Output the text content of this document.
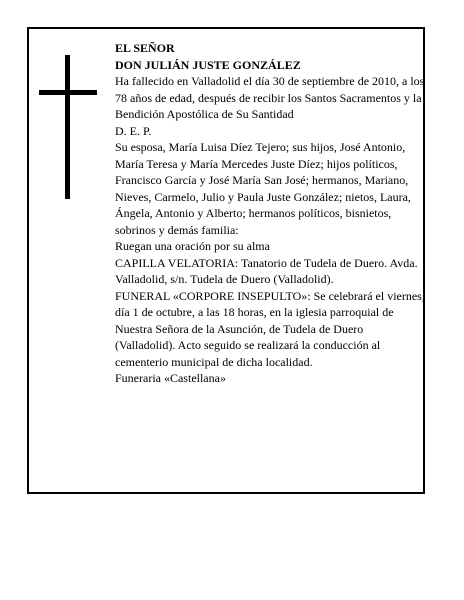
EL SEÑOR

DON JULIÁN JUSTE GONZÁLEZ

Ha fallecido en Valladolid el día 30 de septiembre de 2010, a los 78 años de edad, después de recibir los Santos Sacramentos y la Bendición Apostólica de Su Santidad

D. E. P.

Su esposa, María Luisa Díez Tejero; sus hijos, José Antonio, María Teresa y María Mercedes Juste Díez; hijos políticos, Francisco García y José María San José; hermanos, Mariano, Nieves, Carmelo, Julio y Paula Juste González; nietos, Laura, Ángela, Antonio y Alberto; hermanos políticos, bisnietos, sobrinos y demás familia:

Ruegan una oración por su alma

CAPILLA VELATORIA: Tanatorio de Tudela de Duero. Avda. Valladolid, s/n. Tudela de Duero (Valladolid).

FUNERAL «CORPORE INSEPULTO»: Se celebrará el viernes, día 1 de octubre, a las 18 horas, en la iglesia parroquial de Nuestra Señora de la Asunción, de Tudela de Duero (Valladolid). Acto seguido se realizará la conducción al cementerio municipal de dicha localidad.

Funeraria «Castellana»
